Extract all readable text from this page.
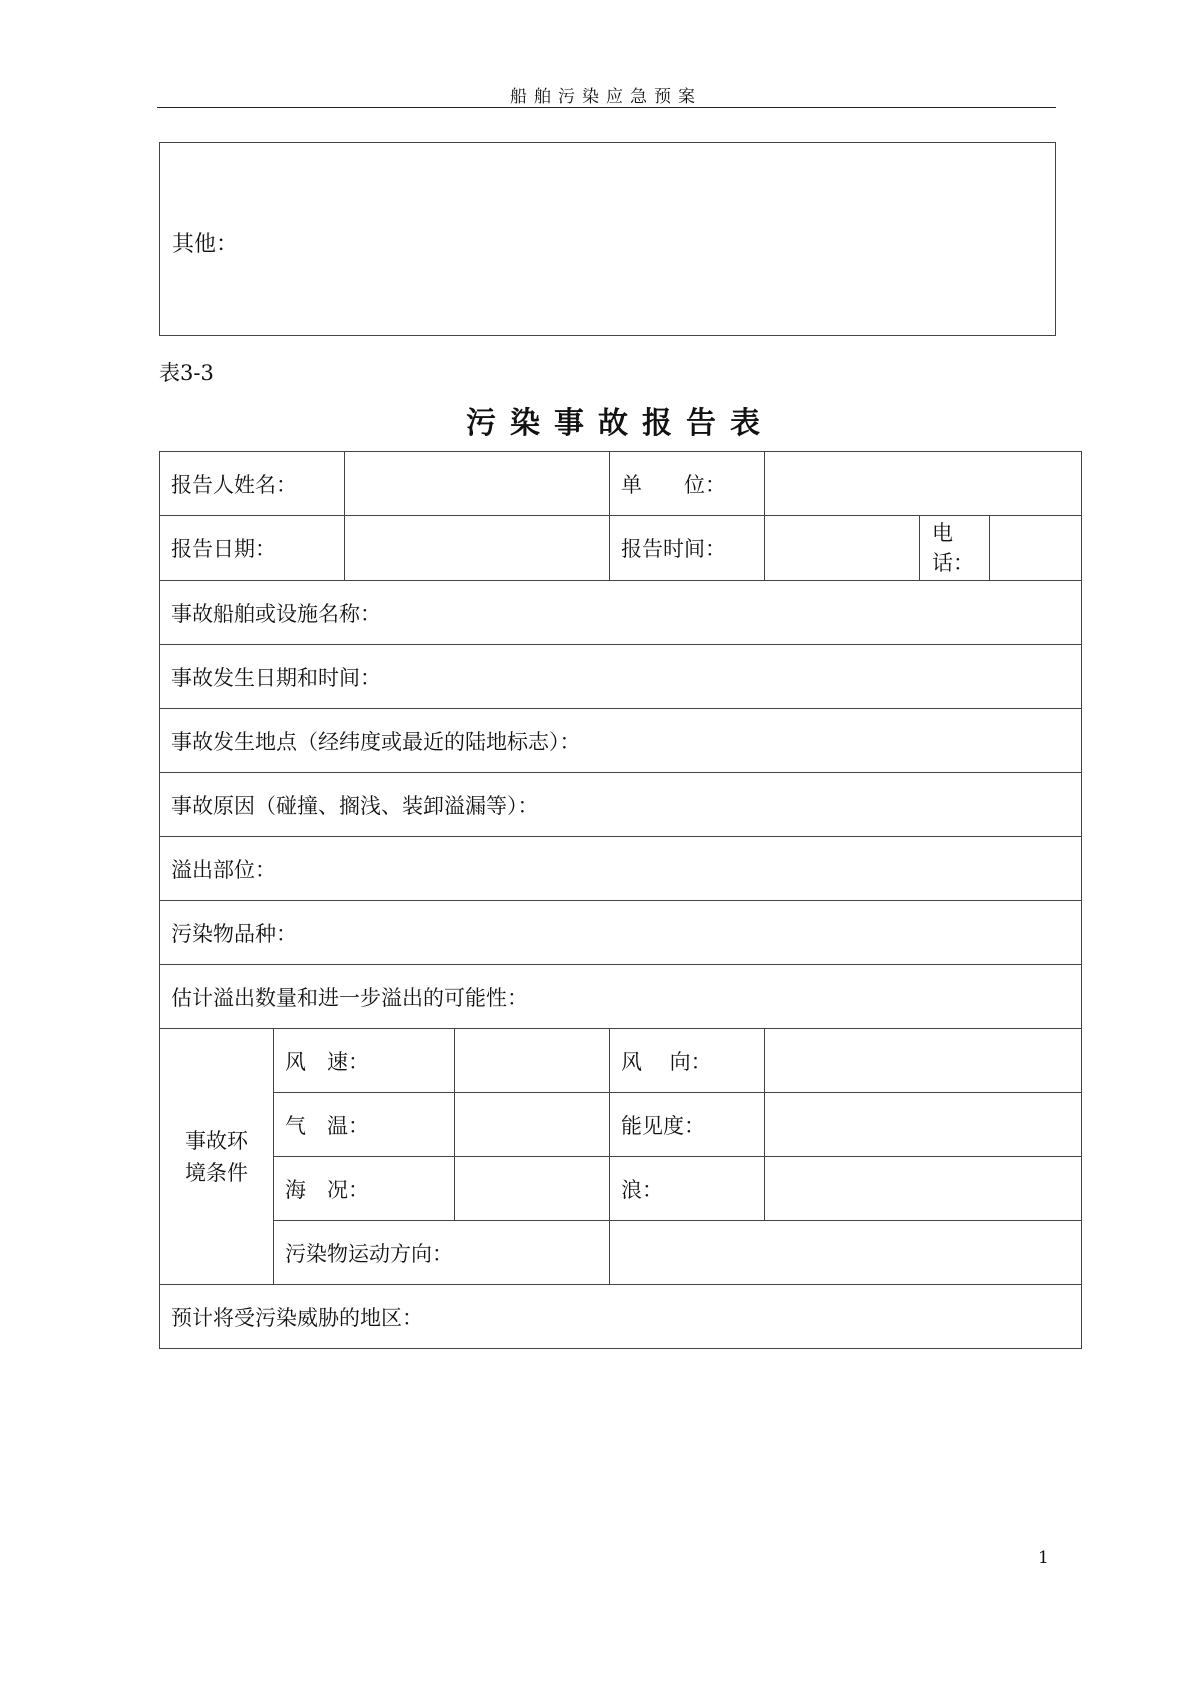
船舶污染应急预案
其他：
表3-3
污染事故报告表
报告人姓名：				单　　位：	
报告日期：				报告时间：	电
话：

事故船舶或设施名称：					
事故发生日期和时间：					
事故发生地点（经纬度或最近的陆地标志）：					
事故原因（碰撞、搁浅、装卸溢漏等）：					
溢出部位：					
污染物品种：					
估计溢出数量和进一步溢出的可能性：					
事故环
境条件	风　速：			风　 向：	
	气　温：			能见度：	
	海　况：			浪：	
	污染物运动方向：				
预计将受污染威胁的地区：					
1
